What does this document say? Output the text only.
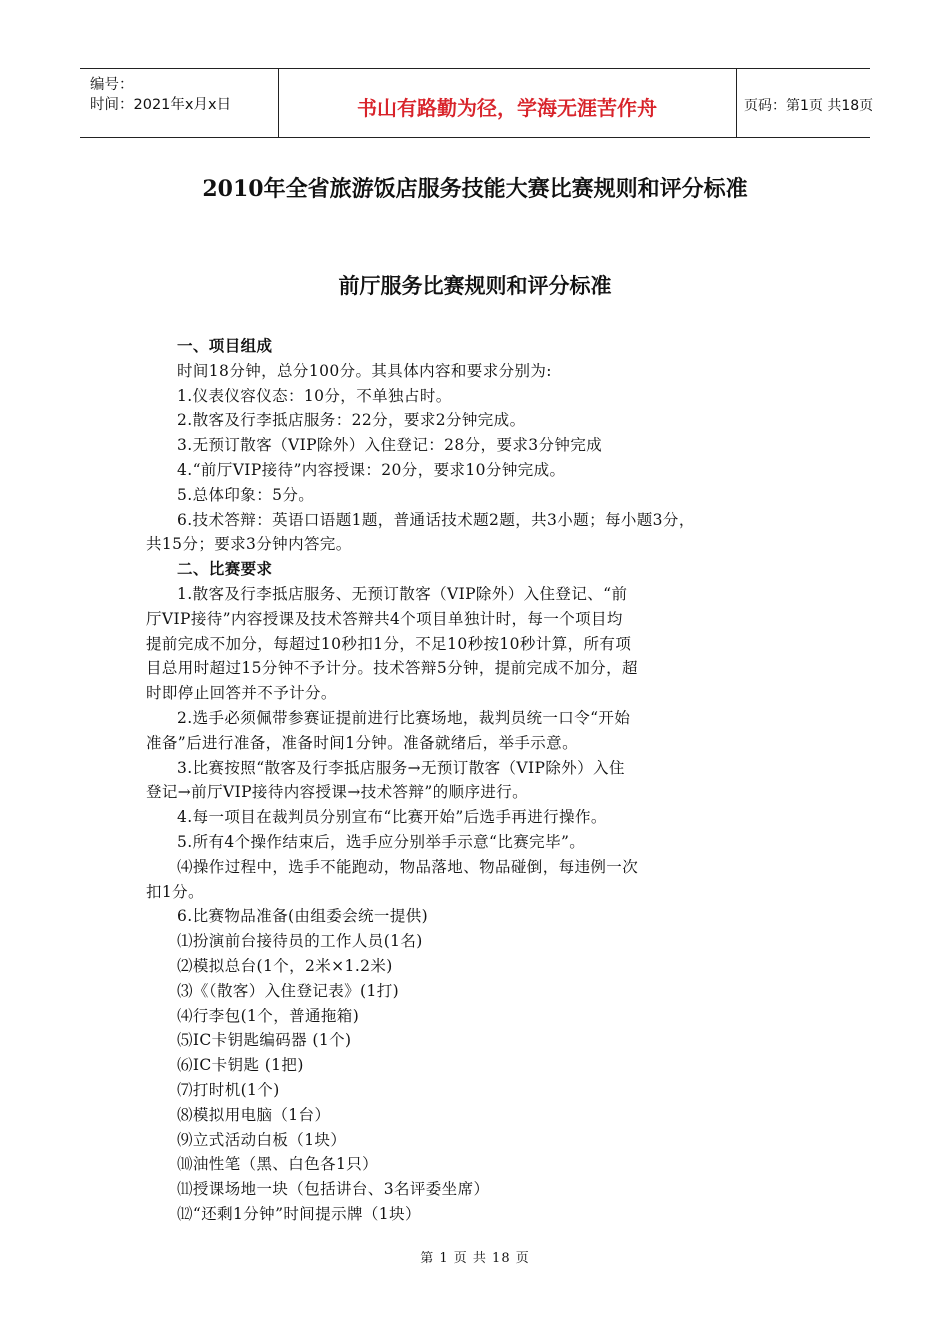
编号：
时间：2021年x月x日	书山有路勤为径，学海无涯苦作舟	页码：第1页 共18页
2010年全省旅游饭店服务技能大赛比赛规则和评分标准
前厅服务比赛规则和评分标准
一、项目组成
时间18分钟，总分100分。其具体内容和要求分别为:
1.仪表仪容仪态：10分，不单独占时。
2.散客及行李抵店服务：22分，要求2分钟完成。
3.无预订散客（VIP除外）入住登记：28分，要求3分钟完成
4.“前厅VIP接待”内容授课：20分，要求10分钟完成。
5.总体印象：5分。
6.技术答辩：英语口语题1题，普通话技术题2题，共3小题；每小题3分，
共15分；要求3分钟内答完。
二、比赛要求
1.散客及行李抵店服务、无预订散客（VIP除外）入住登记、“前
厅VIP接待”内容授课及技术答辩共4个项目单独计时，每一个项目均
提前完成不加分，每超过10秒扣1分，不足10秒按10秒计算，所有项
目总用时超过15分钟不予计分。技术答辩5分钟，提前完成不加分，超
时即停止回答并不予计分。
2.选手必须佩带参赛证提前进行比赛场地，裁判员统一口令“开始
准备”后进行准备，准备时间1分钟。准备就绪后，举手示意。
3.比赛按照“散客及行李抵店服务→无预订散客（VIP除外）入住
登记→前厅VIP接待内容授课→技术答辩”的顺序进行。
4.每一项目在裁判员分别宣布“比赛开始”后选手再进行操作。
5.所有4个操作结束后，选手应分别举手示意“比赛完毕”。
⑷操作过程中，选手不能跑动，物品落地、物品碰倒，每违例一次
扣1分。
6.比赛物品准备(由组委会统一提供)
⑴扮演前台接待员的工作人员(1名)
⑵模拟总台(1个，2米×1.2米)
⑶《（散客）入住登记表》(1打)
⑷行李包(1个，普通拖箱)
⑸IC卡钥匙编码器 (1个)
⑹IC卡钥匙 (1把)
⑺打时机(1个)
⑻模拟用电脑（1台）
⑼立式活动白板（1块）
⑽油性笔（黑、白色各1只）
⑾授课场地一块（包括讲台、3名评委坐席）
⑿“还剩1分钟”时间提示牌（1块）
第 1 页 共 18 页
